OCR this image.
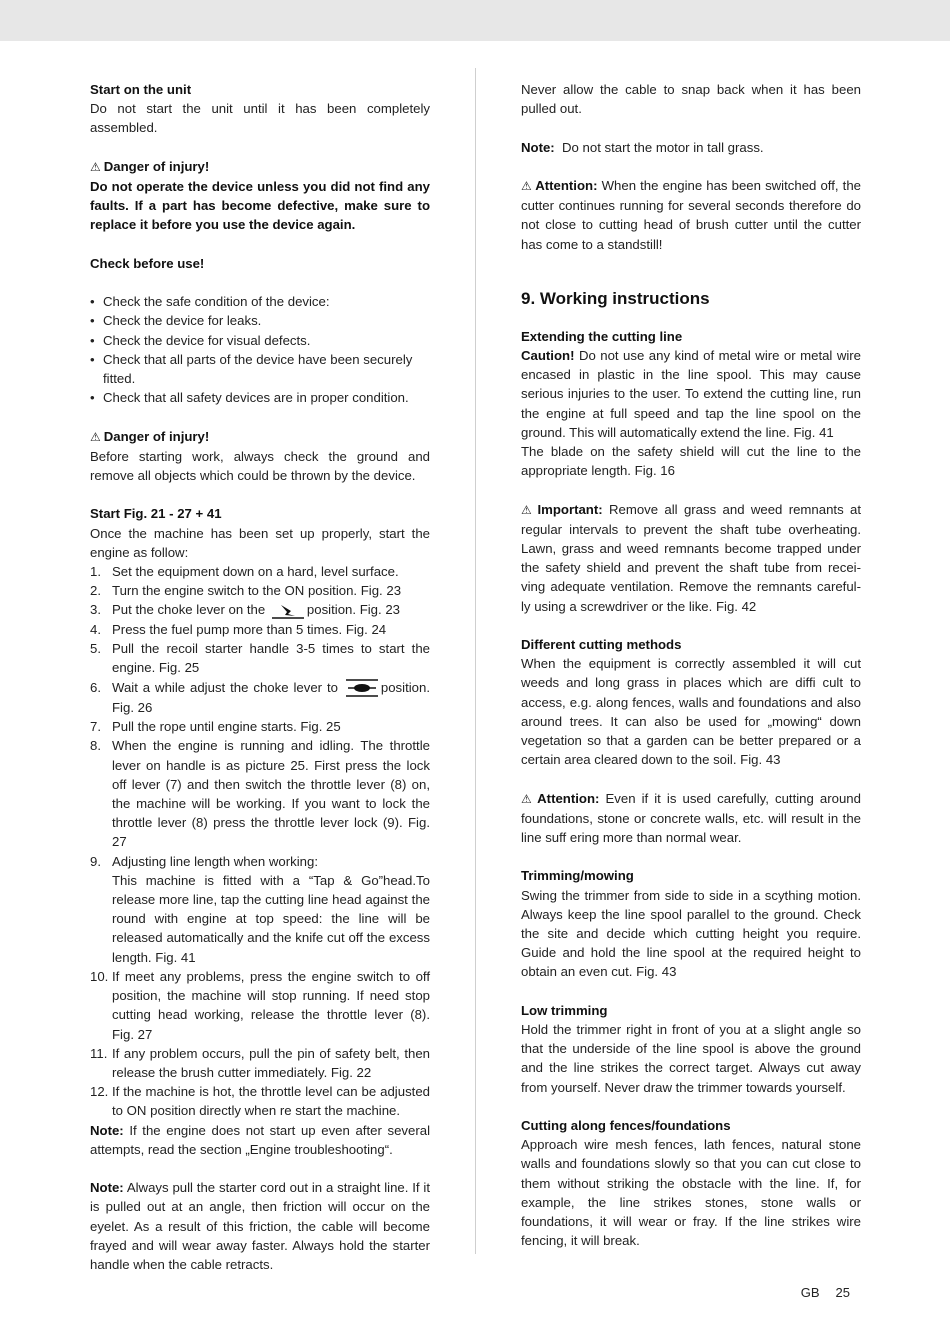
Start on the unit

Do not start the unit until it has been completely assembled.

⚠ Danger of injury!

Do not operate the device unless you did not find any faults. If a part has become defective, make sure to replace it before you use the device again.

Check before use!

• Check the safe condition of the device:
• Check the device for leaks.
• Check the device for visual defects.
• Check that all parts of the device have been securely fitted.
• Check that all safety devices are in proper condition.

⚠ Danger of injury!

Before starting work, always check the ground and remove all objects which could be thrown by the device.

Start Fig. 21 - 27 + 41

Once the machine has been set up properly, start the engine as follow:

1. Set the equipment down on a hard, level surface.
2. Turn the engine switch to the ON position. Fig. 23
3. Put the choke lever on the	position. Fig. 23
4. Press the fuel pump more than 5 times. Fig. 24
5. Pull the recoil starter handle 3-5 times to start the engine. Fig. 25
6. Wait a while adjust the choke lever to	position. Fig. 26
7. Pull the rope until engine starts. Fig. 25
8. When the engine is running and idling. The throttle lever on handle is as picture 25. First press the lock off lever (7) and then switch the throttle lever (8) on, the machine will be working. If you want to lock the throttle lever (8) press the throttle lever lock (9). Fig. 27
9. Adjusting line length when working:
This machine is fitted with a “Tap & Go”head.To release more line, tap the cutting line head against the round with engine at top speed: the line will be released automatically and the knife cut off the excess length. Fig. 41
10. If meet any problems, press the engine switch to off position, the machine will stop running. If need stop cutting head working, release the throttle lever (8). Fig. 27
11. If any problem occurs, pull the pin of safety belt, then release the brush cutter immediately. Fig. 22
12. If the machine is hot, the throttle level can be adjusted to ON position directly when re start the machine.

Note: If the engine does not start up even after several attempts, read the section „Engine troubleshooting“.

Note: Always pull the starter cord out in a straight line. If it is pulled out at an angle, then friction will occur on the eyelet. As a result of this friction, the cable will become frayed and will wear away faster. Always hold the starter handle when the cable retracts.

Never allow the cable to snap back when it has been pulled out.

Note: Do not start the motor in tall grass.

⚠ Attention: When the engine has been switched off, the cutter continues running for several seconds therefore do not close to cutting head of brush cutter until the cutter has come to a standstill!

9. Working instructions

Extending the cutting line

Caution! Do not use any kind of metal wire or metal wire encased in plastic in the line spool. This may cause serious injuries to the user. To extend the cutting line, run the engine at full speed and tap the line spool on the ground. This will automatically extend the line. Fig. 41

The blade on the safety shield will cut the line to the appropriate length. Fig. 16

⚠ Important: Remove all grass and weed remnants at regular intervals to prevent the shaft tube overheating. Lawn, grass and weed remnants become trapped under the safety shield and prevent the shaft tube from recei-ving adequate ventilation. Remove the remnants careful-ly using a screwdriver or the like. Fig. 42

Different cutting methods

When the equipment is correctly assembled it will cut weeds and long grass in places which are diffi cult to access, e.g. along fences, walls and foundations and also around trees. It can also be used for „mowing“ down vegetation so that a garden can be better prepared or a certain area cleared down to the soil. Fig. 43

⚠ Attention: Even if it is used carefully, cutting around foundations, stone or concrete walls, etc. will result in the line suff ering more than normal wear.

Trimming/mowing

Swing the trimmer from side to side in a scything motion. Always keep the line spool parallel to the ground. Check the site and decide which cutting height you require. Guide and hold the line spool at the required height to obtain an even cut. Fig. 43

Low trimming

Hold the trimmer right in front of you at a slight angle so that the underside of the line spool is above the ground and the line strikes the correct target. Always cut away from yourself. Never draw the trimmer towards yourself.

Cutting along fences/foundations

Approach wire mesh fences, lath fences, natural stone walls and foundations slowly so that you can cut close to them without striking the obstacle with the line. If, for example, the line strikes stones, stone walls or foundations, it will wear or fray. If the line strikes wire fencing, it will break.

GB 25
